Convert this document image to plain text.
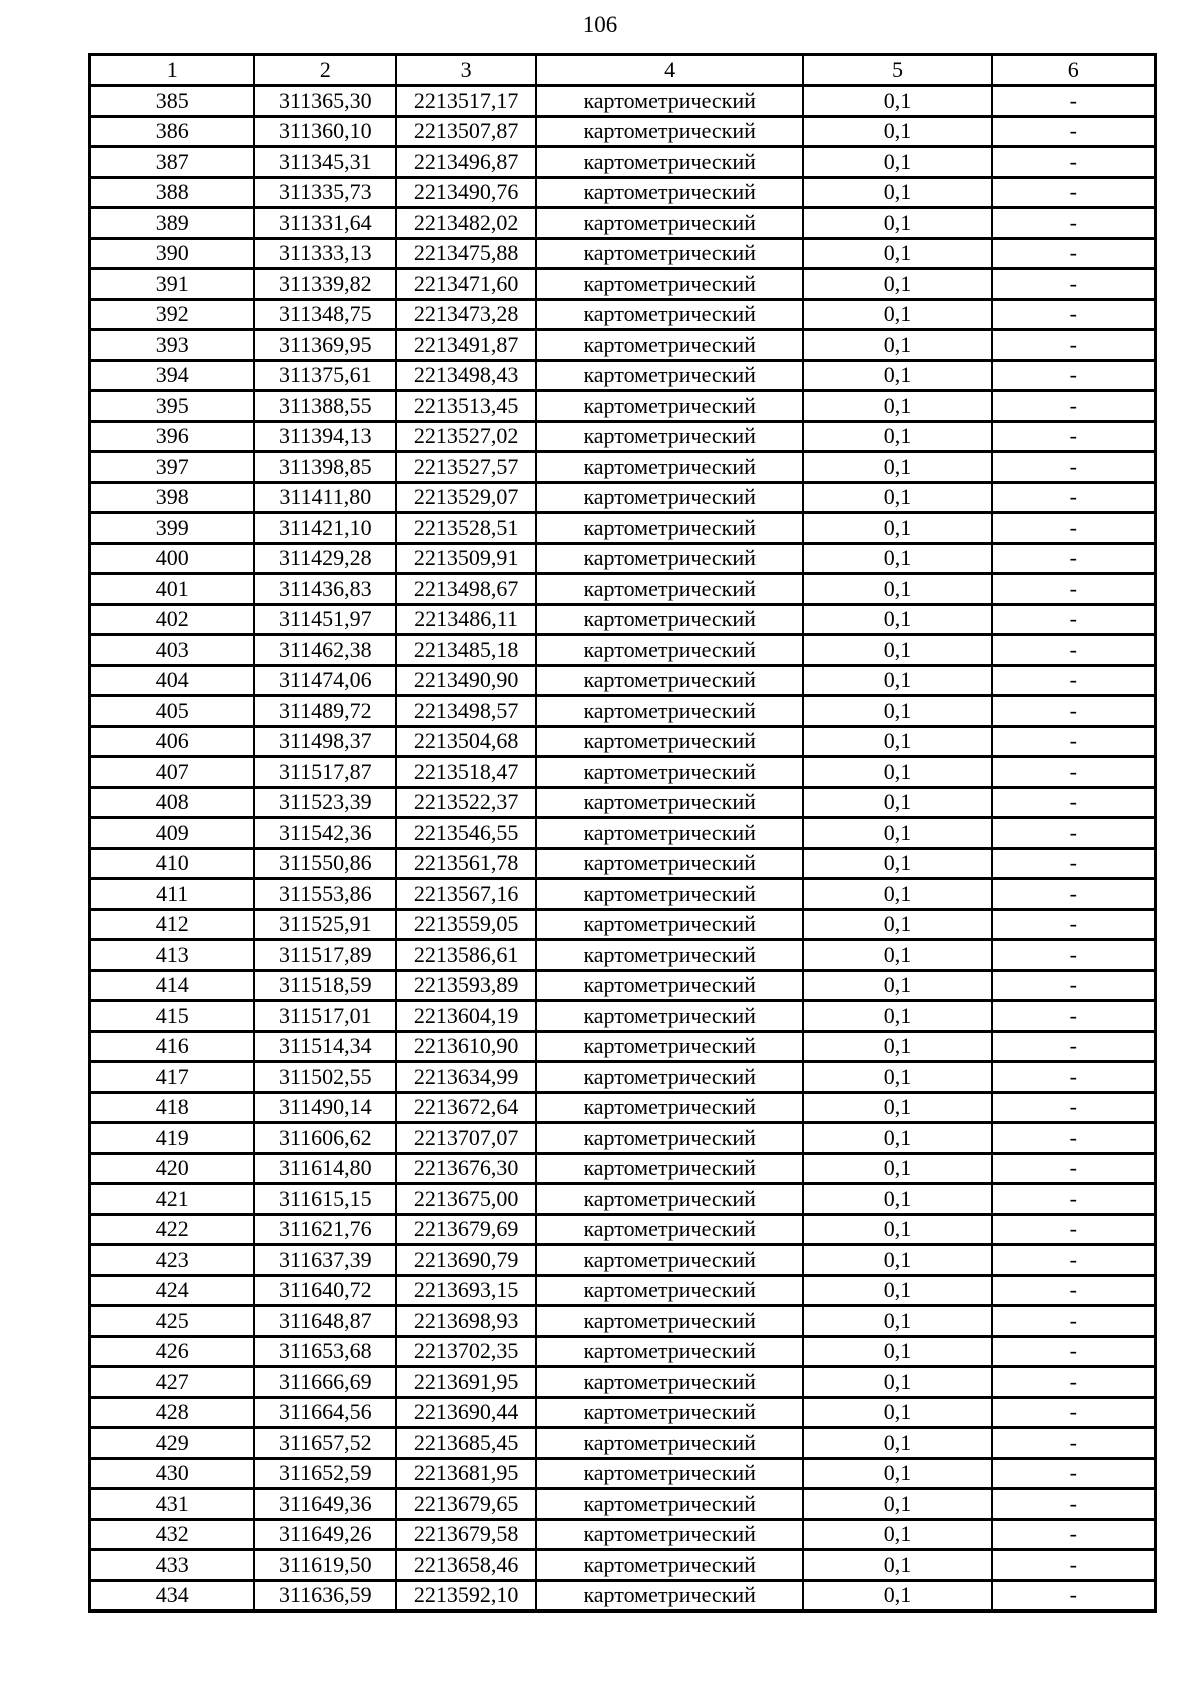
106
1	2	3	4	5	6
385	311365,30	2213517,17	картометрический	0,1	-
386	311360,10	2213507,87	картометрический	0,1	-
387	311345,31	2213496,87	картометрический	0,1	-
388	311335,73	2213490,76	картометрический	0,1	-
389	311331,64	2213482,02	картометрический	0,1	-
390	311333,13	2213475,88	картометрический	0,1	-
391	311339,82	2213471,60	картометрический	0,1	-
392	311348,75	2213473,28	картометрический	0,1	-
393	311369,95	2213491,87	картометрический	0,1	-
394	311375,61	2213498,43	картометрический	0,1	-
395	311388,55	2213513,45	картометрический	0,1	-
396	311394,13	2213527,02	картометрический	0,1	-
397	311398,85	2213527,57	картометрический	0,1	-
398	311411,80	2213529,07	картометрический	0,1	-
399	311421,10	2213528,51	картометрический	0,1	-
400	311429,28	2213509,91	картометрический	0,1	-
401	311436,83	2213498,67	картометрический	0,1	-
402	311451,97	2213486,11	картометрический	0,1	-
403	311462,38	2213485,18	картометрический	0,1	-
404	311474,06	2213490,90	картометрический	0,1	-
405	311489,72	2213498,57	картометрический	0,1	-
406	311498,37	2213504,68	картометрический	0,1	-
407	311517,87	2213518,47	картометрический	0,1	-
408	311523,39	2213522,37	картометрический	0,1	-
409	311542,36	2213546,55	картометрический	0,1	-
410	311550,86	2213561,78	картометрический	0,1	-
411	311553,86	2213567,16	картометрический	0,1	-
412	311525,91	2213559,05	картометрический	0,1	-
413	311517,89	2213586,61	картометрический	0,1	-
414	311518,59	2213593,89	картометрический	0,1	-
415	311517,01	2213604,19	картометрический	0,1	-
416	311514,34	2213610,90	картометрический	0,1	-
417	311502,55	2213634,99	картометрический	0,1	-
418	311490,14	2213672,64	картометрический	0,1	-
419	311606,62	2213707,07	картометрический	0,1	-
420	311614,80	2213676,30	картометрический	0,1	-
421	311615,15	2213675,00	картометрический	0,1	-
422	311621,76	2213679,69	картометрический	0,1	-
423	311637,39	2213690,79	картометрический	0,1	-
424	311640,72	2213693,15	картометрический	0,1	-
425	311648,87	2213698,93	картометрический	0,1	-
426	311653,68	2213702,35	картометрический	0,1	-
427	311666,69	2213691,95	картометрический	0,1	-
428	311664,56	2213690,44	картометрический	0,1	-
429	311657,52	2213685,45	картометрический	0,1	-
430	311652,59	2213681,95	картометрический	0,1	-
431	311649,36	2213679,65	картометрический	0,1	-
432	311649,26	2213679,58	картометрический	0,1	-
433	311619,50	2213658,46	картометрический	0,1	-
434	311636,59	2213592,10	картометрический	0,1	-
